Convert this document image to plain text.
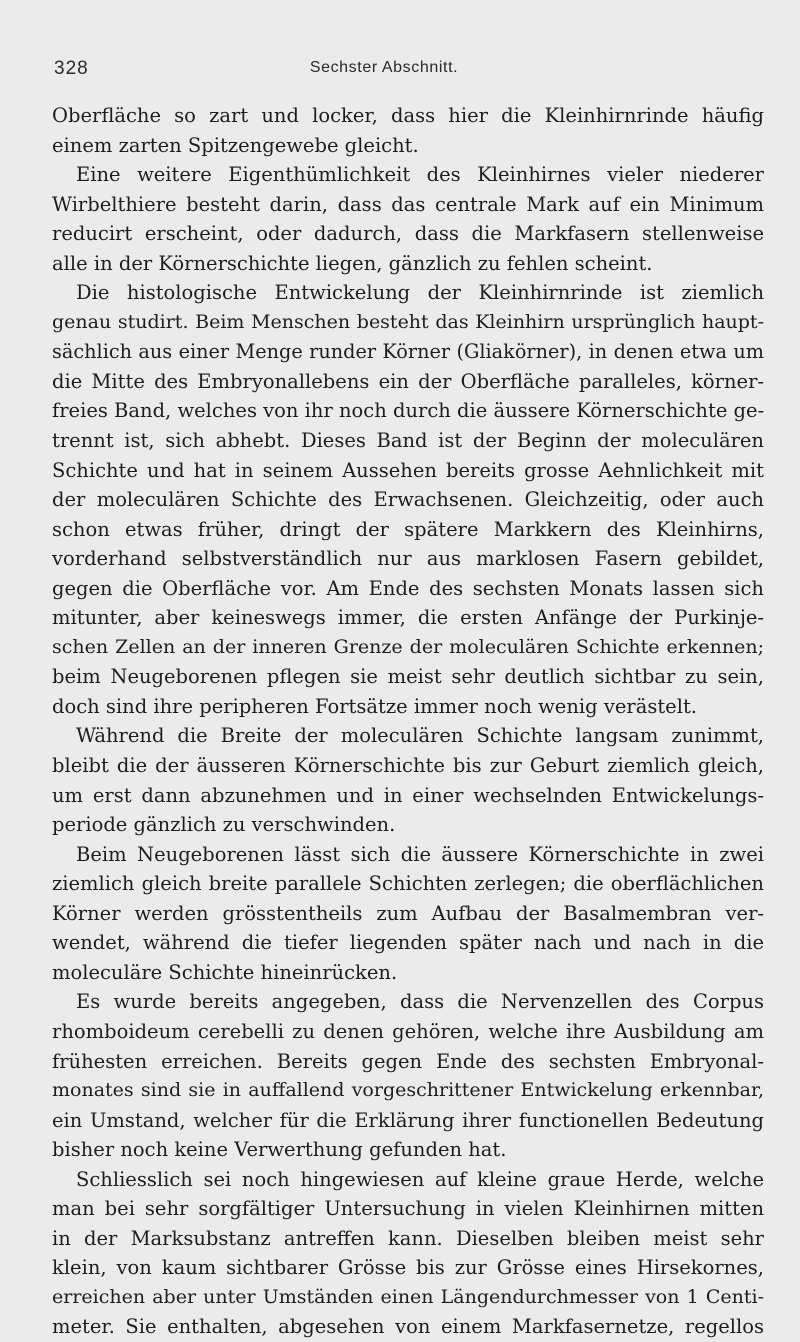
328	Sechster Abschnitt.
Oberfläche so zart und locker, dass hier die Kleinhirnrinde häufig
einem zarten Spitzengewebe gleicht.
Eine weitere Eigenthümlichkeit des Kleinhirnes vieler niederer
Wirbelthiere besteht darin, dass das centrale Mark auf ein Minimum
reducirt erscheint, oder dadurch, dass die Markfasern stellenweise
alle in der Körnerschichte liegen, gänzlich zu fehlen scheint.
Die histologische Entwickelung der Kleinhirnrinde ist ziemlich
genau studirt. Beim Menschen besteht das Kleinhirn ursprünglich haupt-
sächlich aus einer Menge runder Körner (Gliakörner), in denen etwa um
die Mitte des Embryonallebens ein der Oberfläche paralleles, körner-
freies Band, welches von ihr noch durch die äussere Körnerschichte ge-
trennt ist, sich abhebt. Dieses Band ist der Beginn der moleculären
Schichte und hat in seinem Aussehen bereits grosse Aehnlichkeit mit
der moleculären Schichte des Erwachsenen. Gleichzeitig, oder auch
schon etwas früher, dringt der spätere Markkern des Kleinhirns,
vorderhand selbstverständlich nur aus marklosen Fasern gebildet,
gegen die Oberfläche vor. Am Ende des sechsten Monats lassen sich
mitunter, aber keineswegs immer, die ersten Anfänge der Purkinje-
schen Zellen an der inneren Grenze der moleculären Schichte erkennen;
beim Neugeborenen pflegen sie meist sehr deutlich sichtbar zu sein,
doch sind ihre peripheren Fortsätze immer noch wenig verästelt.
Während die Breite der moleculären Schichte langsam zunimmt,
bleibt die der äusseren Körnerschichte bis zur Geburt ziemlich gleich,
um erst dann abzunehmen und in einer wechselnden Entwickelungs-
periode gänzlich zu verschwinden.
Beim Neugeborenen lässt sich die äussere Körnerschichte in zwei
ziemlich gleich breite parallele Schichten zerlegen; die oberflächlichen
Körner werden grösstentheils zum Aufbau der Basalmembran ver-
wendet, während die tiefer liegenden später nach und nach in die
moleculäre Schichte hineinrücken.
Es wurde bereits angegeben, dass die Nervenzellen des Corpus
rhomboideum cerebelli zu denen gehören, welche ihre Ausbildung am
frühesten erreichen. Bereits gegen Ende des sechsten Embryonal-
monates sind sie in auffallend vorgeschrittener Entwickelung erkennbar,
ein Umstand, welcher für die Erklärung ihrer functionellen Bedeutung
bisher noch keine Verwerthung gefunden hat.
Schliesslich sei noch hingewiesen auf kleine graue Herde, welche
man bei sehr sorgfältiger Untersuchung in vielen Kleinhirnen mitten
in der Marksubstanz antreffen kann. Dieselben bleiben meist sehr
klein, von kaum sichtbarer Grösse bis zur Grösse eines Hirsekornes,
erreichen aber unter Umständen einen Längendurchmesser von 1 Centi-
meter. Sie enthalten, abgesehen von einem Markfasernetze, regellos
